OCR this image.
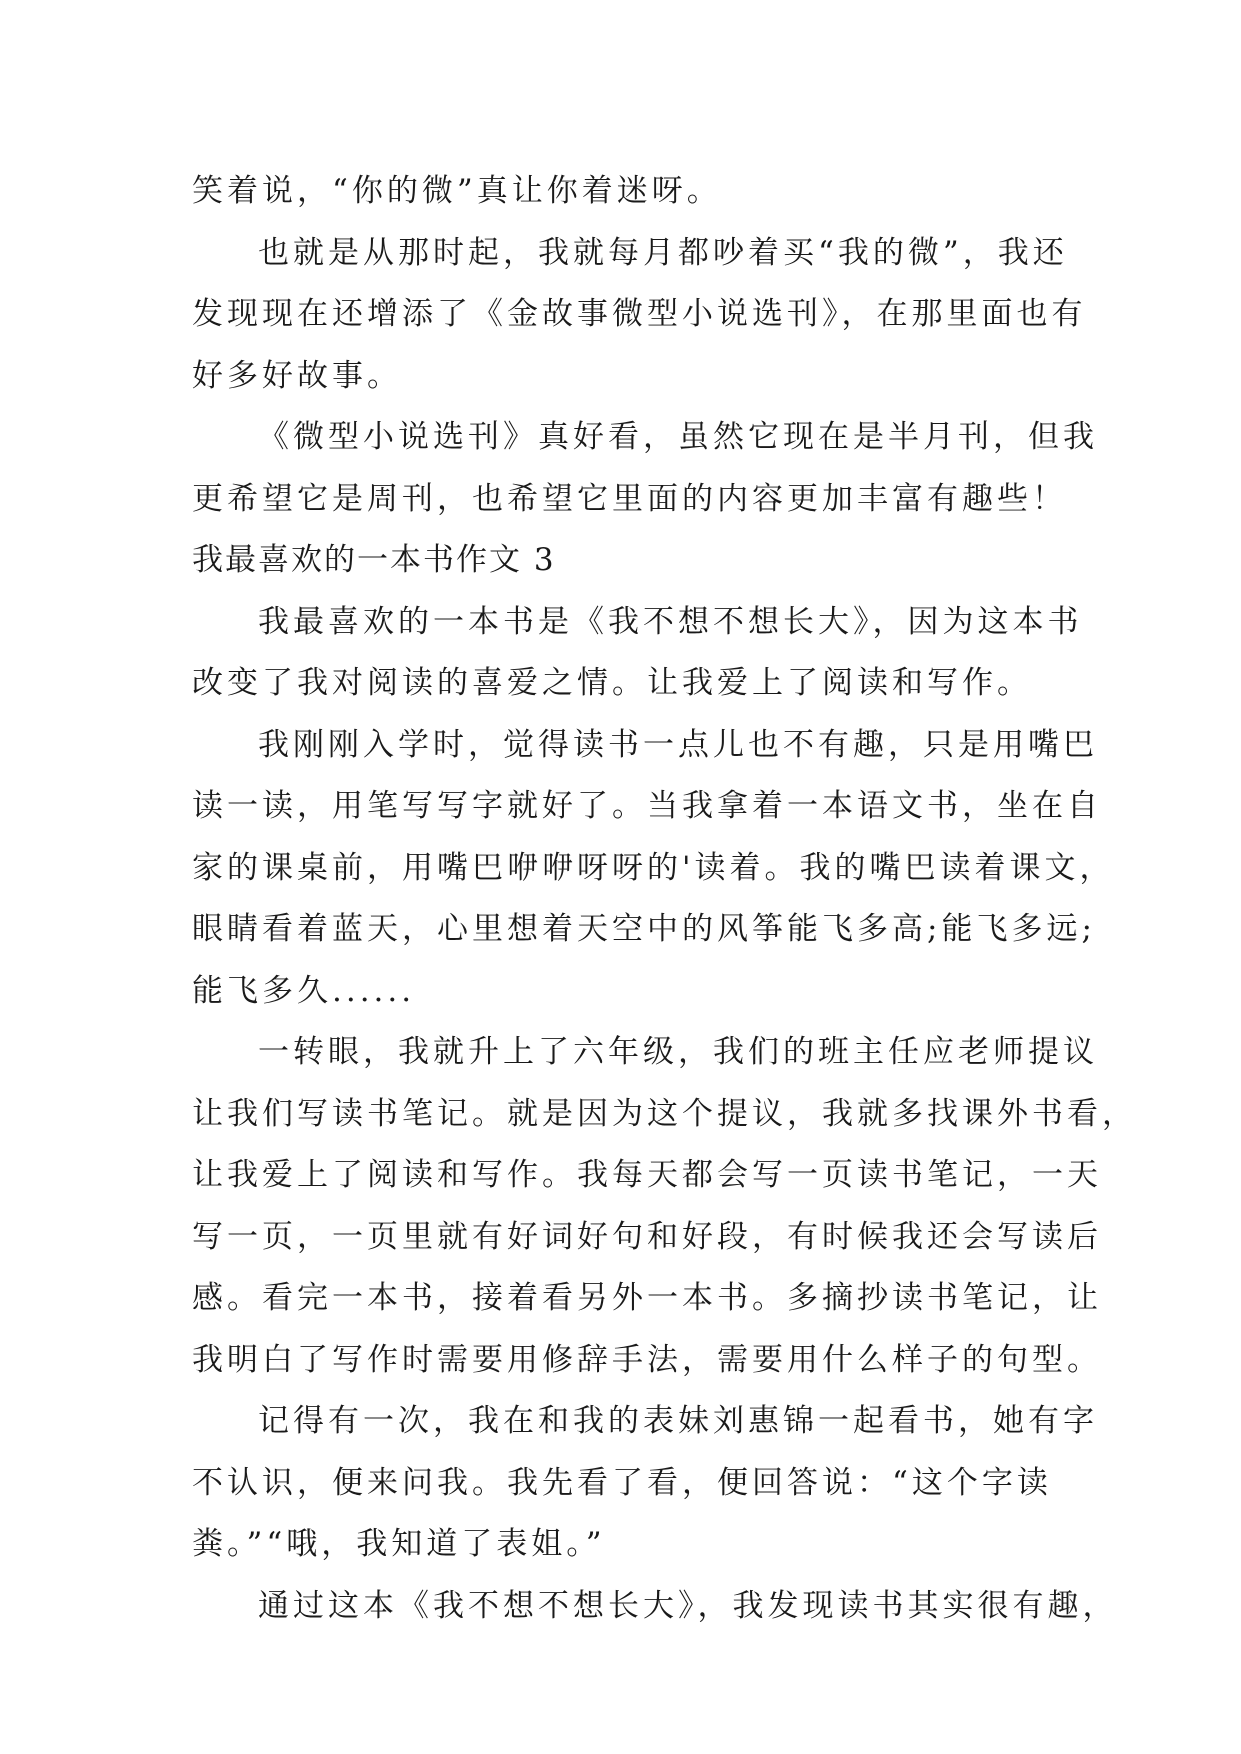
笑着说，“你的微”真让你着迷呀。
也就是从那时起，我就每月都吵着买“我的微”，我还
发现现在还增添了《金故事微型小说选刊》，在那里面也有
好多好故事。
《微型小说选刊》真好看，虽然它现在是半月刊，但我
更希望它是周刊，也希望它里面的内容更加丰富有趣些！
我最喜欢的一本书作文 3
我最喜欢的一本书是《我不想不想长大》，因为这本书
改变了我对阅读的喜爱之情。让我爱上了阅读和写作。
我刚刚入学时，觉得读书一点儿也不有趣，只是用嘴巴
读一读，用笔写写字就好了。当我拿着一本语文书，坐在自
家的课桌前，用嘴巴咿咿呀呀的'读着。我的嘴巴读着课文，
眼睛看着蓝天，心里想着天空中的风筝能飞多高;能飞多远;
能飞多久......
一转眼，我就升上了六年级，我们的班主任应老师提议
让我们写读书笔记。就是因为这个提议，我就多找课外书看，
让我爱上了阅读和写作。我每天都会写一页读书笔记，一天
写一页，一页里就有好词好句和好段，有时候我还会写读后
感。看完一本书，接着看另外一本书。多摘抄读书笔记，让
我明白了写作时需要用修辞手法，需要用什么样子的句型。
记得有一次，我在和我的表妹刘惠锦一起看书，她有字
不认识，便来问我。我先看了看，便回答说：“这个字读
粪。”“哦，我知道了表姐。”
通过这本《我不想不想长大》，我发现读书其实很有趣，
